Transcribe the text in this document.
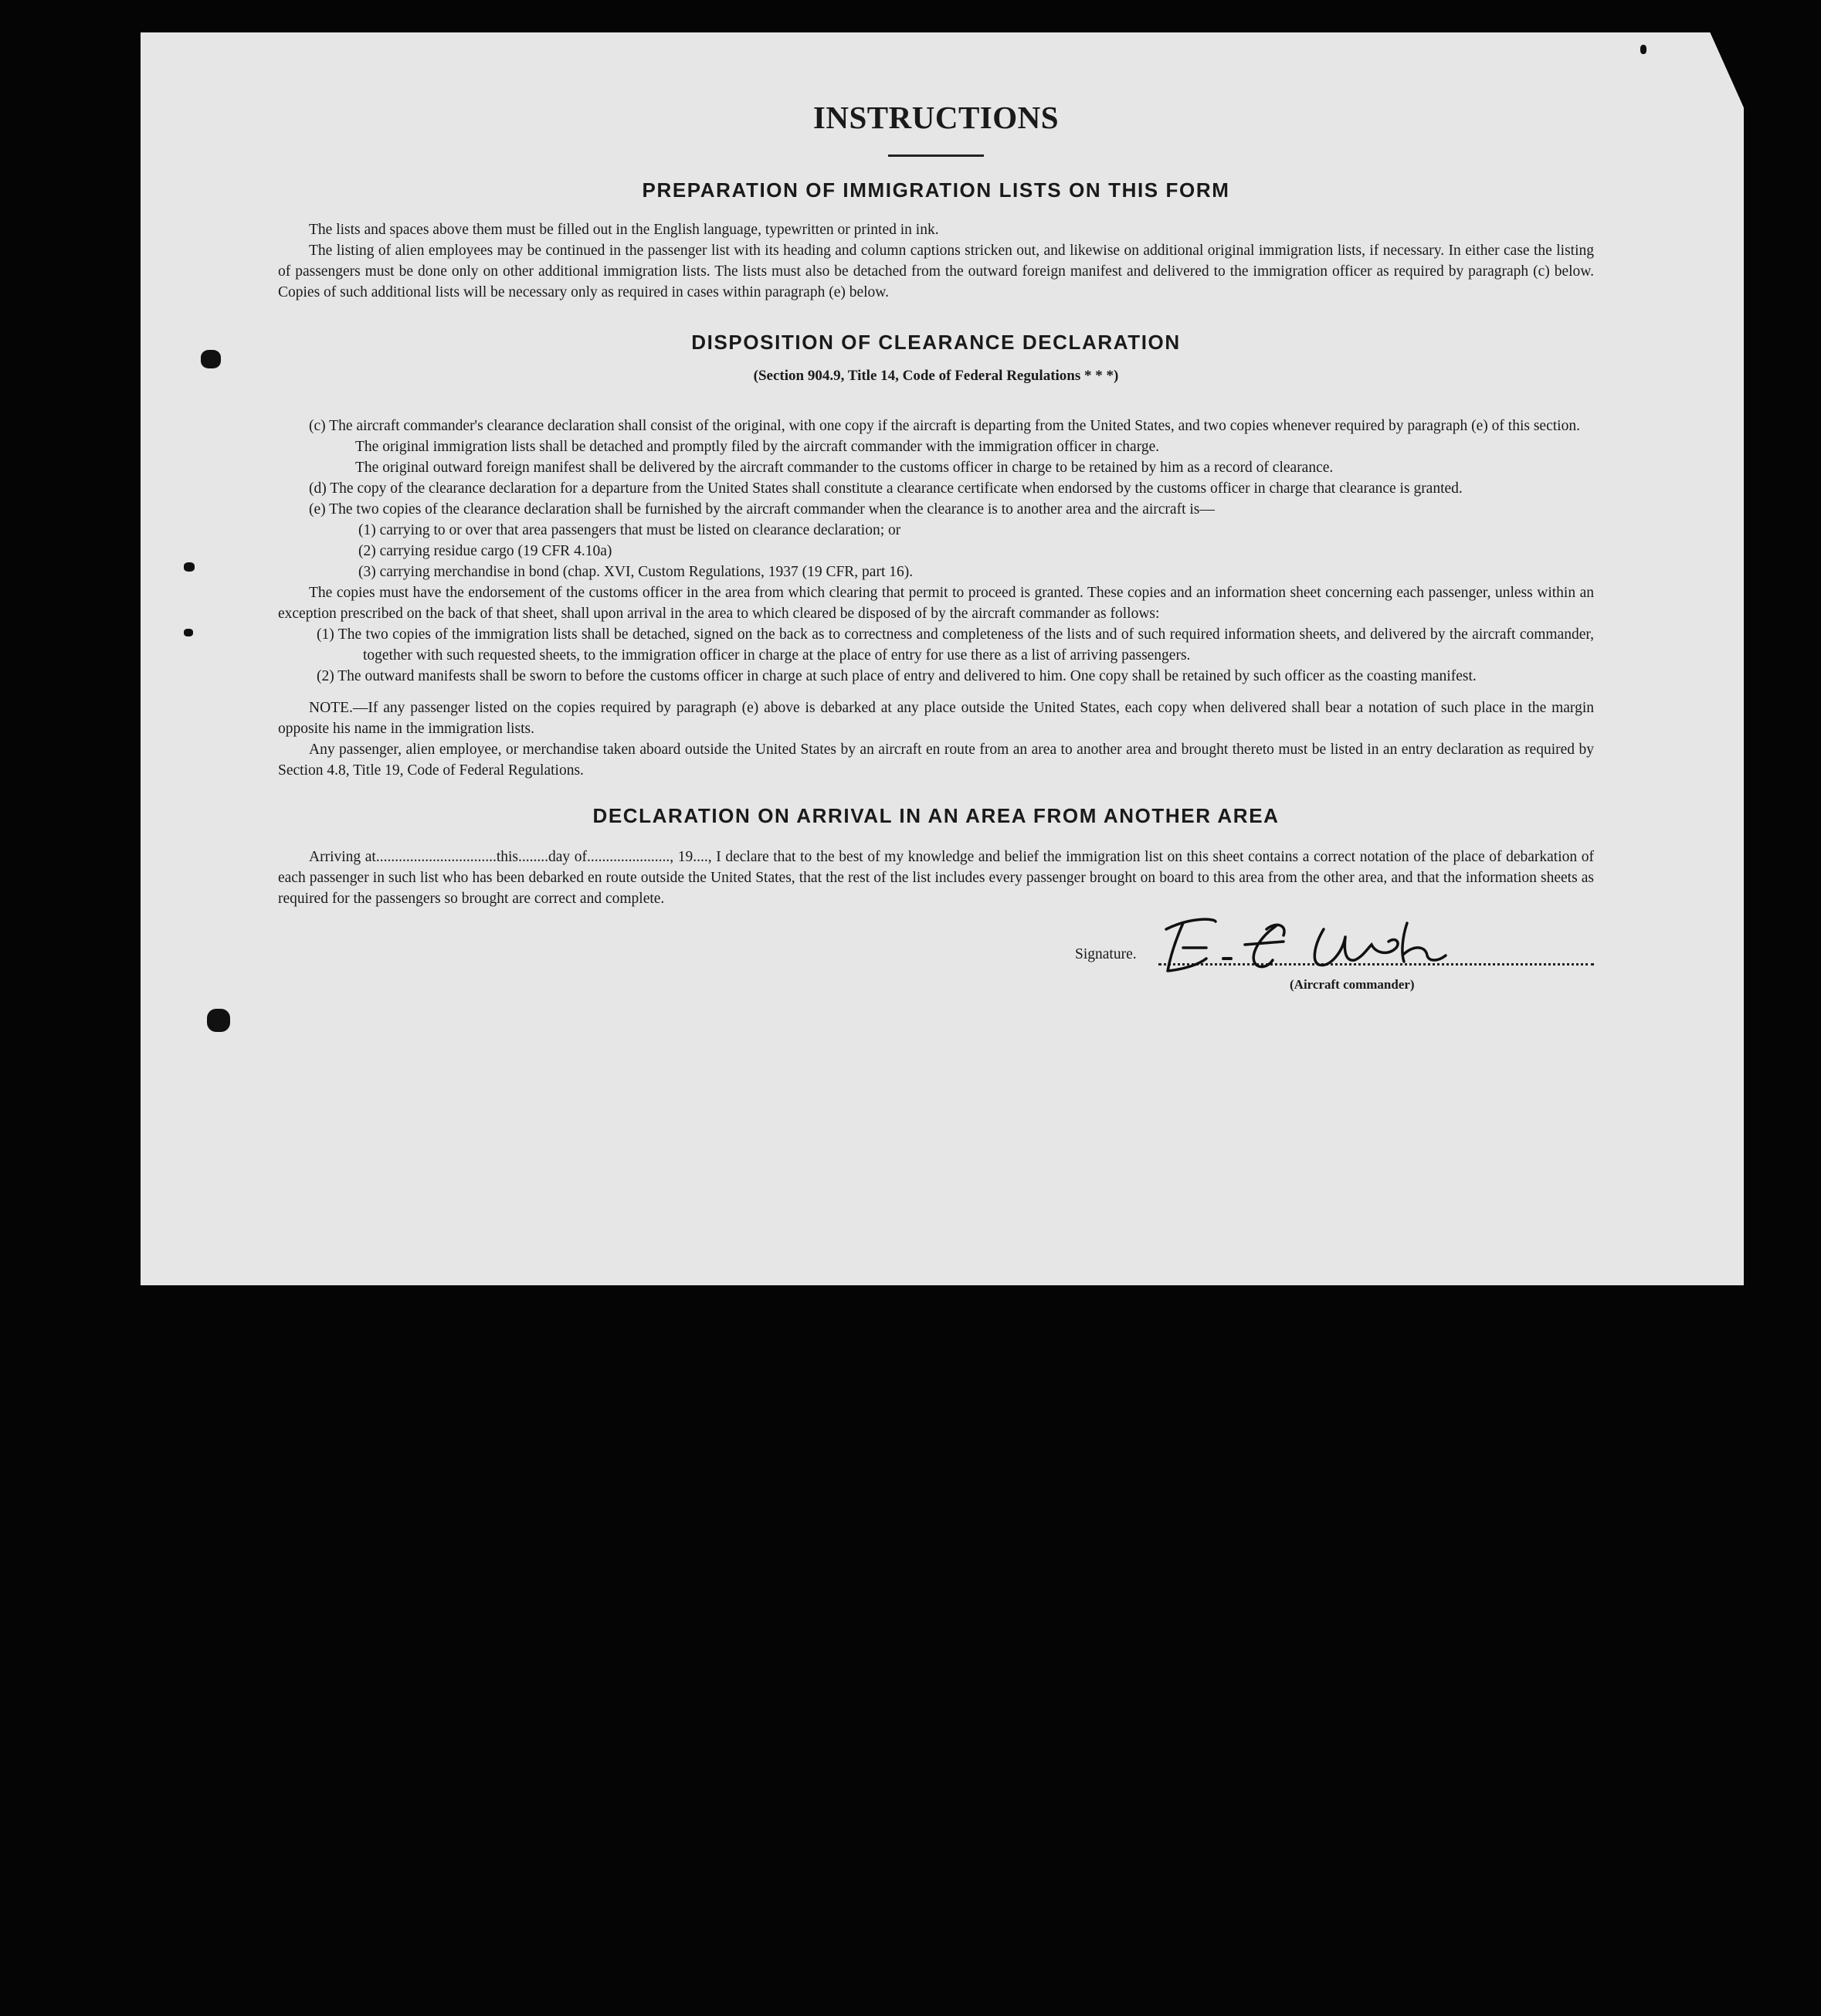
INSTRUCTIONS
PREPARATION OF IMMIGRATION LISTS ON THIS FORM

The lists and spaces above them must be filled out in the English language, typewritten or printed in ink.

The listing of alien employees may be continued in the passenger list with its heading and column captions stricken out, and likewise on additional original immigration lists, if necessary. In either case the listing of passengers must be done only on other additional immigration lists. The lists must also be detached from the outward foreign manifest and delivered to the immigration officer as required by paragraph (c) below. Copies of such additional lists will be necessary only as required in cases within paragraph (e) below.

DISPOSITION OF CLEARANCE DECLARATION

(Section 904.9, Title 14, Code of Federal Regulations * * *)

(c) The aircraft commander's clearance declaration shall consist of the original, with one copy if the aircraft is departing from the United States, and two copies whenever required by paragraph (e) of this section.

The original immigration lists shall be detached and promptly filed by the aircraft commander with the immigration officer in charge.

The original outward foreign manifest shall be delivered by the aircraft commander to the customs officer in charge to be retained by him as a record of clearance.

(d) The copy of the clearance declaration for a departure from the United States shall constitute a clearance certificate when endorsed by the customs officer in charge that clearance is granted.

(e) The two copies of the clearance declaration shall be furnished by the aircraft commander when the clearance is to another area and the aircraft is—

(1) carrying to or over that area passengers that must be listed on clearance declaration; or

(2) carrying residue cargo (19 CFR 4.10a)

(3) carrying merchandise in bond (chap. XVI, Custom Regulations, 1937 (19 CFR, part 16).

The copies must have the endorsement of the customs officer in the area from which clearing that permit to proceed is granted. These copies and an information sheet concerning each passenger, unless within an exception prescribed on the back of that sheet, shall upon arrival in the area to which cleared be disposed of by the aircraft commander as follows:

(1) The two copies of the immigration lists shall be detached, signed on the back as to correctness and completeness of the lists and of such required information sheets, and delivered by the aircraft commander, together with such requested sheets, to the immigration officer in charge at the place of entry for use there as a list of arriving passengers.

(2) The outward manifests shall be sworn to before the customs officer in charge at such place of entry and delivered to him. One copy shall be retained by such officer as the coasting manifest.

NOTE.—If any passenger listed on the copies required by paragraph (e) above is debarked at any place outside the United States, each copy when delivered shall bear a notation of such place in the margin opposite his name in the immigration lists.

Any passenger, alien employee, or merchandise taken aboard outside the United States by an aircraft en route from an area to another area and brought thereto must be listed in an entry declaration as required by Section 4.8, Title 19, Code of Federal Regulations.

DECLARATION ON ARRIVAL IN AN AREA FROM ANOTHER AREA

Arriving at................................this........day of......................, 19...., I declare that to the best of my knowledge and belief the immigration list on this sheet contains a correct notation of the place of debarkation of each passenger in such list who has been debarked en route outside the United States, that the rest of the list includes every passenger brought on board to this area from the other area, and that the information sheets as required for the passengers so brought are correct and complete.

Signature.
(Aircraft commander)
